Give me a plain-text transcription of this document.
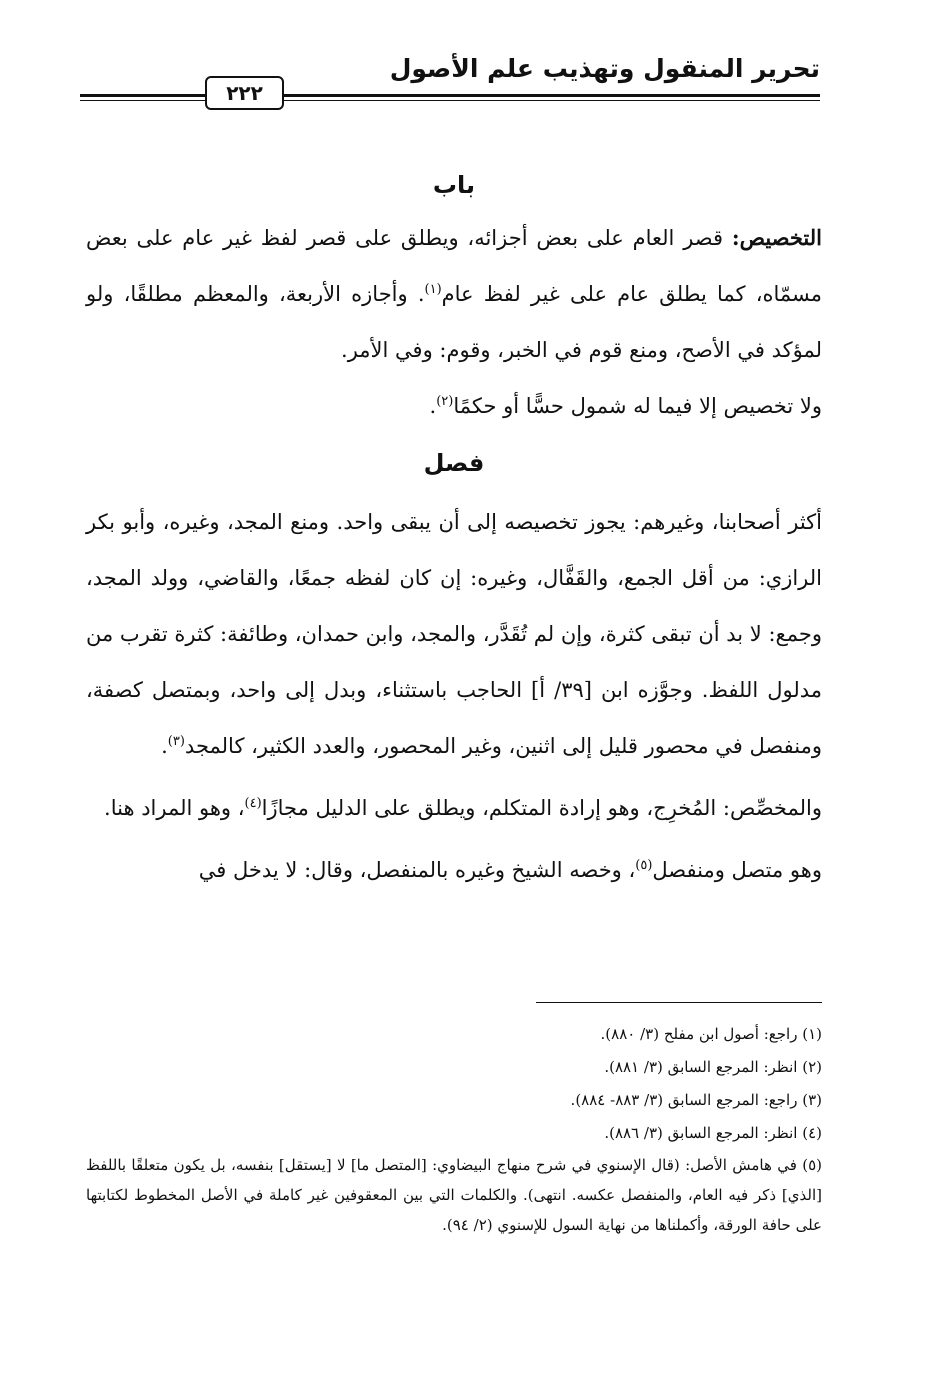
٢٢٢
تحرير المنقول وتهذيب علم الأصول
باب

التخصيص: قصر العام على بعض أجزائه، ويطلق على قصر لفظ غير عام على بعض مسمّاه، كما يطلق عام على غير لفظ عام$^{(١)}$. وأجازه الأربعة، والمعظم مطلقًا، ولو لمؤكد في الأصح، ومنع قوم في الخبر، وقوم: وفي الأمر.

ولا تخصيص إلا فيما له شمول حسًّا أو حكمًا$^{(٢)}$.

فصل

أكثر أصحابنا، وغيرهم: يجوز تخصيصه إلى أن يبقى واحد. ومنع المجد، وغيره، وأبو بكر الرازي: من أقل الجمع، والقَفَّال، وغيره: إن كان لفظه جمعًا، والقاضي، وولد المجد، وجمع: لا بد أن تبقى كثرة، وإن لم تُقَدَّر، والمجد، وابن حمدان، وطائفة: كثرة تقرب من مدلول اللفظ. وجوَّزه ابن [٣٩/ أ] الحاجب باستثناء، وبدل إلى واحد، وبمتصل كصفة، ومنفصل في محصور قليل إلى اثنين، وغير المحصور، والعدد الكثير، كالمجد$^{(٣)}$.

والمخصِّص: المُخرِج، وهو إرادة المتكلم، ويطلق على الدليل مجازًا$^{(٤)}$، وهو المراد هنا.

وهو متصل ومنفصل$^{(٥)}$، وخصه الشيخ وغيره بالمنفصل، وقال: لا يدخل في

(١) راجع: أصول ابن مفلح (٣/ ٨٨٠).

(٢) انظر: المرجع السابق (٣/ ٨٨١).

(٣) راجع: المرجع السابق (٣/ ٨٨٣- ٨٨٤).

(٤) انظر: المرجع السابق (٣/ ٨٨٦).

(٥) في هامش الأصل: (قال الإسنوي في شرح منهاج البيضاوي: [المتصل ما] لا [يستقل] بنفسه، بل يكون متعلقًا باللفظ [الذي] ذكر فيه العام، والمنفصل عكسه. انتهى). والكلمات التي بين المعقوفين غير كاملة في الأصل المخطوط لكتابتها على حافة الورقة، وأكملناها من نهاية السول للإسنوي (٢/ ٩٤).
